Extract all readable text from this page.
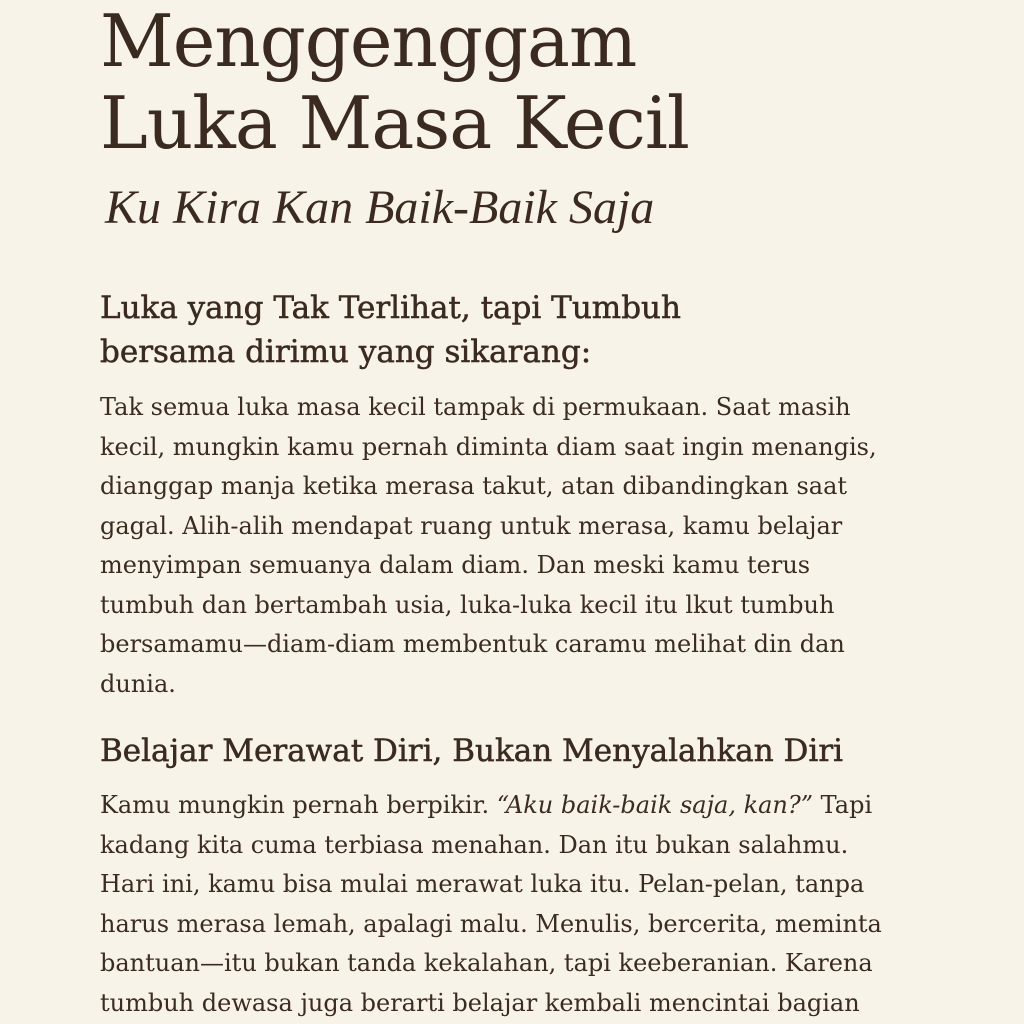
Menggenggam
Luka Masa Kecil
Ku Kira Kan Baik-Baik Saja
Luka yang Tak Terlihat, tapi Tumbuh
bersama dirimu yang sikarang:

Tak semua luka masa kecil tampak di permukaan. Saat masih
kecil, mungkin kamu pernah diminta diam saat ingin menangis,
dianggap manja ketika merasa takut, atan dibandingkan saat
gagal. Alih-alih mendapat ruang untuk merasa, kamu belajar
menyimpan semuanya dalam diam. Dan meski kamu terus
tumbuh dan bertambah usia, luka-luka kecil itu lkut tumbuh
bersamamu—diam-diam membentuk caramu melihat din dan
dunia.

Belajar Merawat Diri, Bukan Menyalahkan Diri

Kamu mungkin pernah berpikir. “Aku baik-baik saja, kan?” Tapi
kadang kita cuma terbiasa menahan. Dan itu bukan salahmu.
Hari ini, kamu bisa mulai merawat luka itu. Pelan-pelan, tanpa
harus merasa lemah, apalagi malu. Menulis, bercerita, meminta
bantuan—itu bukan tanda kekalahan, tapi keeberanian. Karena
tumbuh dewasa juga berarti belajar kembali mencintai bagian
